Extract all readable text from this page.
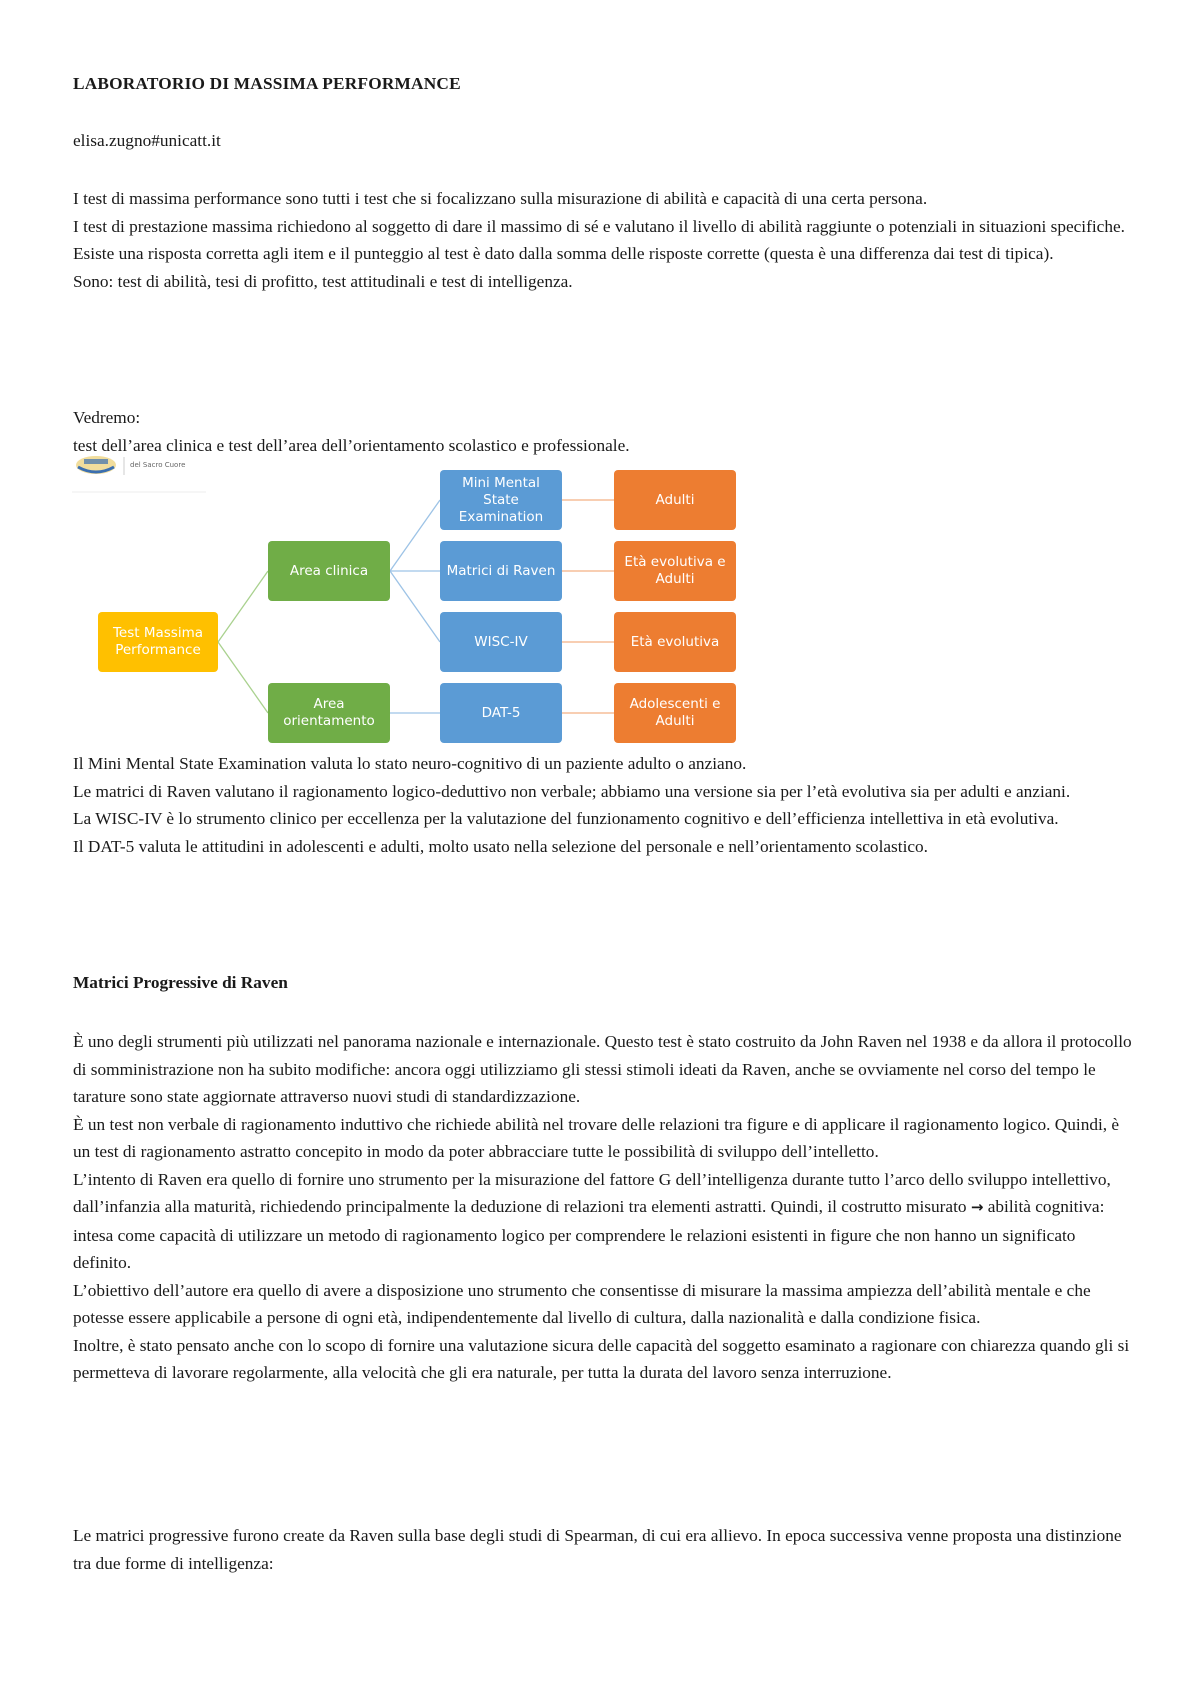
LABORATORIO DI MASSIMA PERFORMANCE
elisa.zugno#unicatt.it

I test di massima performance sono tutti i test che si focalizzano sulla misurazione di abilità e capacità di una certa persona.

I test di prestazione massima richiedono al soggetto di dare il massimo di sé e valutano il livello di abilità raggiunte o potenziali in situazioni specifiche.

Esiste una risposta corretta agli item e il punteggio al test è dato dalla somma delle risposte corrette (questa è una differenza dai test di tipica).

Sono: test di abilità, tesi di profitto, test attitudinali e test di intelligenza.

Vedremo:

test dell’area clinica e test dell’area dell’orientamento scolastico e professionale.

del Sacro Cuore
Test Massima Performance
Area clinica
Area orientamento
Mini Mental State Examination
Matrici di Raven
WISC-IV
DAT-5
Adulti
Età evolutiva e Adulti
Età evolutiva
Adolescenti e Adulti

Il Mini Mental State Examination valuta lo stato neuro-cognitivo di un paziente adulto o anziano.

Le matrici di Raven valutano il ragionamento logico-deduttivo non verbale; abbiamo una versione sia per l’età evolutiva sia per adulti e anziani.

La WISC-IV è lo strumento clinico per eccellenza per la valutazione del funzionamento cognitivo e dell’efficienza intellettiva in età evolutiva.

Il DAT-5 valuta le attitudini in adolescenti e adulti, molto usato nella selezione del personale e nell’orientamento scolastico.

Matrici Progressive di Raven

È uno degli strumenti più utilizzati nel panorama nazionale e internazionale. Questo test è stato costruito da John Raven nel 1938 e da allora il protocollo di somministrazione non ha subito modifiche: ancora oggi utilizziamo gli stessi stimoli ideati da Raven, anche se ovviamente nel corso del tempo le tarature sono state aggiornate attraverso nuovi studi di standardizzazione.

È un test non verbale di ragionamento induttivo che richiede abilità nel trovare delle relazioni tra figure e di applicare il ragionamento logico. Quindi, è un test di ragionamento astratto concepito in modo da poter abbracciare tutte le possibilità di sviluppo dell’intelletto.

L’intento di Raven era quello di fornire uno strumento per la misurazione del fattore G dell’intelligenza durante tutto l’arco dello sviluppo intellettivo, dall’infanzia alla maturità, richiedendo principalmente la deduzione di relazioni tra elementi astratti. Quindi, il costrutto misurato → abilità cognitiva: intesa come capacità di utilizzare un metodo di ragionamento logico per comprendere le relazioni esistenti in figure che non hanno un significato definito.

L’obiettivo dell’autore era quello di avere a disposizione uno strumento che consentisse di misurare la massima ampiezza dell’abilità mentale e che potesse essere applicabile a persone di ogni età, indipendentemente dal livello di cultura, dalla nazionalità e dalla condizione fisica.

Inoltre, è stato pensato anche con lo scopo di fornire una valutazione sicura delle capacità del soggetto esaminato a ragionare con chiarezza quando gli si permetteva di lavorare regolarmente, alla velocità che gli era naturale, per tutta la durata del lavoro senza interruzione.

Le matrici progressive furono create da Raven sulla base degli studi di Spearman, di cui era allievo. In epoca successiva venne proposta una distinzione tra due forme di intelligenza:
